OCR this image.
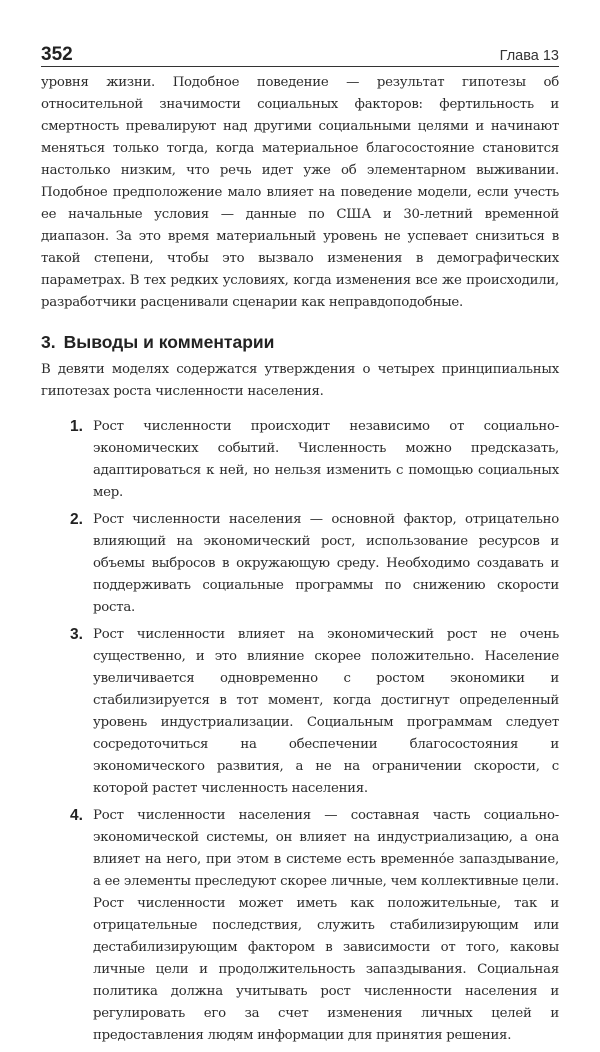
352	Глава 13

уровня жизни. Подобное поведение — результат гипотезы об относительной значимости социальных факторов: фертильность и смертность превалируют над другими социальными целями и начинают меняться только тогда, когда материальное благосостояние становится настолько низким, что речь идет уже об элементарном выживании. Подобное предположение мало влияет на поведение модели, если учесть ее начальные условия — данные по США и 30-летний временной диапазон. За это время материальный уровень не успевает снизиться в такой степени, чтобы это вызвало изменения в демографических параметрах. В тех редких условиях, когда изменения все же происходили, разработчики расценивали сценарии как неправдоподобные.

3. Выводы и комментарии

В девяти моделях содержатся утверждения о четырех принципиальных гипотезах роста численности населения.

1. Рост численности происходит независимо от социально-экономических событий. Численность можно предсказать, адаптироваться к ней, но нельзя изменить с помощью социальных мер.
2. Рост численности населения — основной фактор, отрицательно влияющий на экономический рост, использование ресурсов и объемы выбросов в окружающую среду. Необходимо создавать и поддерживать социальные программы по снижению скорости роста.
3. Рост численности влияет на экономический рост не очень существенно, и это влияние скорее положительно. Население увеличивается одновременно с ростом экономики и стабилизируется в тот момент, когда достигнут определенный уровень индустриализации. Социальным программам следует сосредоточиться на обеспечении благосостояния и экономического развития, а не на ограничении скорости, с которой растет численность населения.
4. Рост численности населения — составная часть социально-экономической системы, он влияет на индустриализацию, а она влияет на него, при этом в системе есть временно́е запаздывание, а ее элементы преследуют скорее личные, чем коллективные цели. Рост численности может иметь как положительные, так и отрицательные последствия, служить стабилизирующим или дестабилизирующим фактором в зависимости от того, каковы личные цели и продолжительность запаздывания. Социальная политика должна учитывать рост численности населения и регулировать его за счет изменения личных целей и предоставления людям информации для принятия решения.
